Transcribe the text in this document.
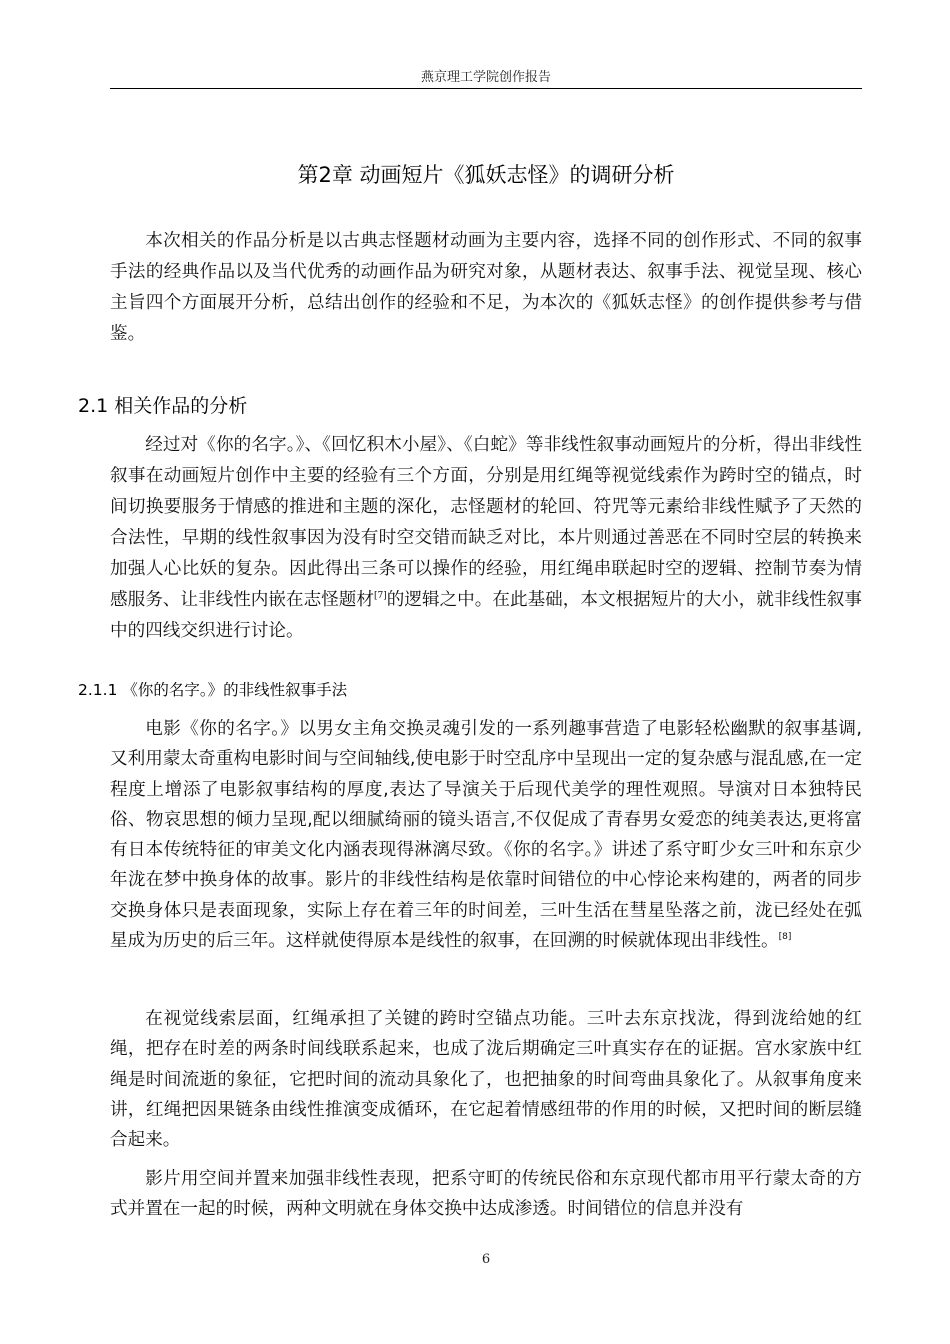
燕京理工学院创作报告
第2章 动画短片《狐妖志怪》的调研分析

本次相关的作品分析是以古典志怪题材动画为主要内容，选择不同的创作形式、不同的叙事手法的经典作品以及当代优秀的动画作品为研究对象，从题材表达、叙事手法、视觉呈现、核心主旨四个方面展开分析，总结出创作的经验和不足，为本次的《狐妖志怪》的创作提供参考与借鉴。

2.1 相关作品的分析

经过对《你的名字。》、《回忆积木小屋》、《白蛇》等非线性叙事动画短片的分析，得出非线性叙事在动画短片创作中主要的经验有三个方面，分别是用红绳等视觉线索作为跨时空的锚点，时间切换要服务于情感的推进和主题的深化，志怪题材的轮回、符咒等元素给非线性赋予了天然的合法性，早期的线性叙事因为没有时空交错而缺乏对比，本片则通过善恶在不同时空层的转换来加强人心比妖的复杂。因此得出三条可以操作的经验，用红绳串联起时空的逻辑、控制节奏为情感服务、让非线性内嵌在志怪题材[7]的逻辑之中。在此基础，本文根据短片的大小，就非线性叙事中的四线交织进行讨论。

2.1.1 《你的名字。》的非线性叙事手法

电影《你的名字。》以男女主角交换灵魂引发的一系列趣事营造了电影轻松幽默的叙事基调,又利用蒙太奇重构电影时间与空间轴线,使电影于时空乱序中呈现出一定的复杂感与混乱感,在一定程度上增添了电影叙事结构的厚度,表达了导演关于后现代美学的理性观照。导演对日本独特民俗、物哀思想的倾力呈现,配以细腻绮丽的镜头语言,不仅促成了青春男女爱恋的纯美表达,更将富有日本传统特征的审美文化内涵表现得淋漓尽致。《你的名字。》讲述了系守町少女三叶和东京少年泷在梦中换身体的故事。影片的非线性结构是依靠时间错位的中心悖论来构建的，两者的同步交换身体只是表面现象，实际上存在着三年的时间差，三叶生活在彗星坠落之前，泷已经处在弧星成为历史的后三年。这样就使得原本是线性的叙事，在回溯的时候就体现出非线性。[8]

在视觉线索层面，红绳承担了关键的跨时空锚点功能。三叶去东京找泷，得到泷给她的红绳，把存在时差的两条时间线联系起来，也成了泷后期确定三叶真实存在的证据。宫水家族中红绳是时间流逝的象征，它把时间的流动具象化了，也把抽象的时间弯曲具象化了。从叙事角度来讲，红绳把因果链条由线性推演变成循环，在它起着情感纽带的作用的时候，又把时间的断层缝合起来。

影片用空间并置来加强非线性表现，把系守町的传统民俗和东京现代都市用平行蒙太奇的方式并置在一起的时候，两种文明就在身体交换中达成渗透。时间错位的信息并没有

6
